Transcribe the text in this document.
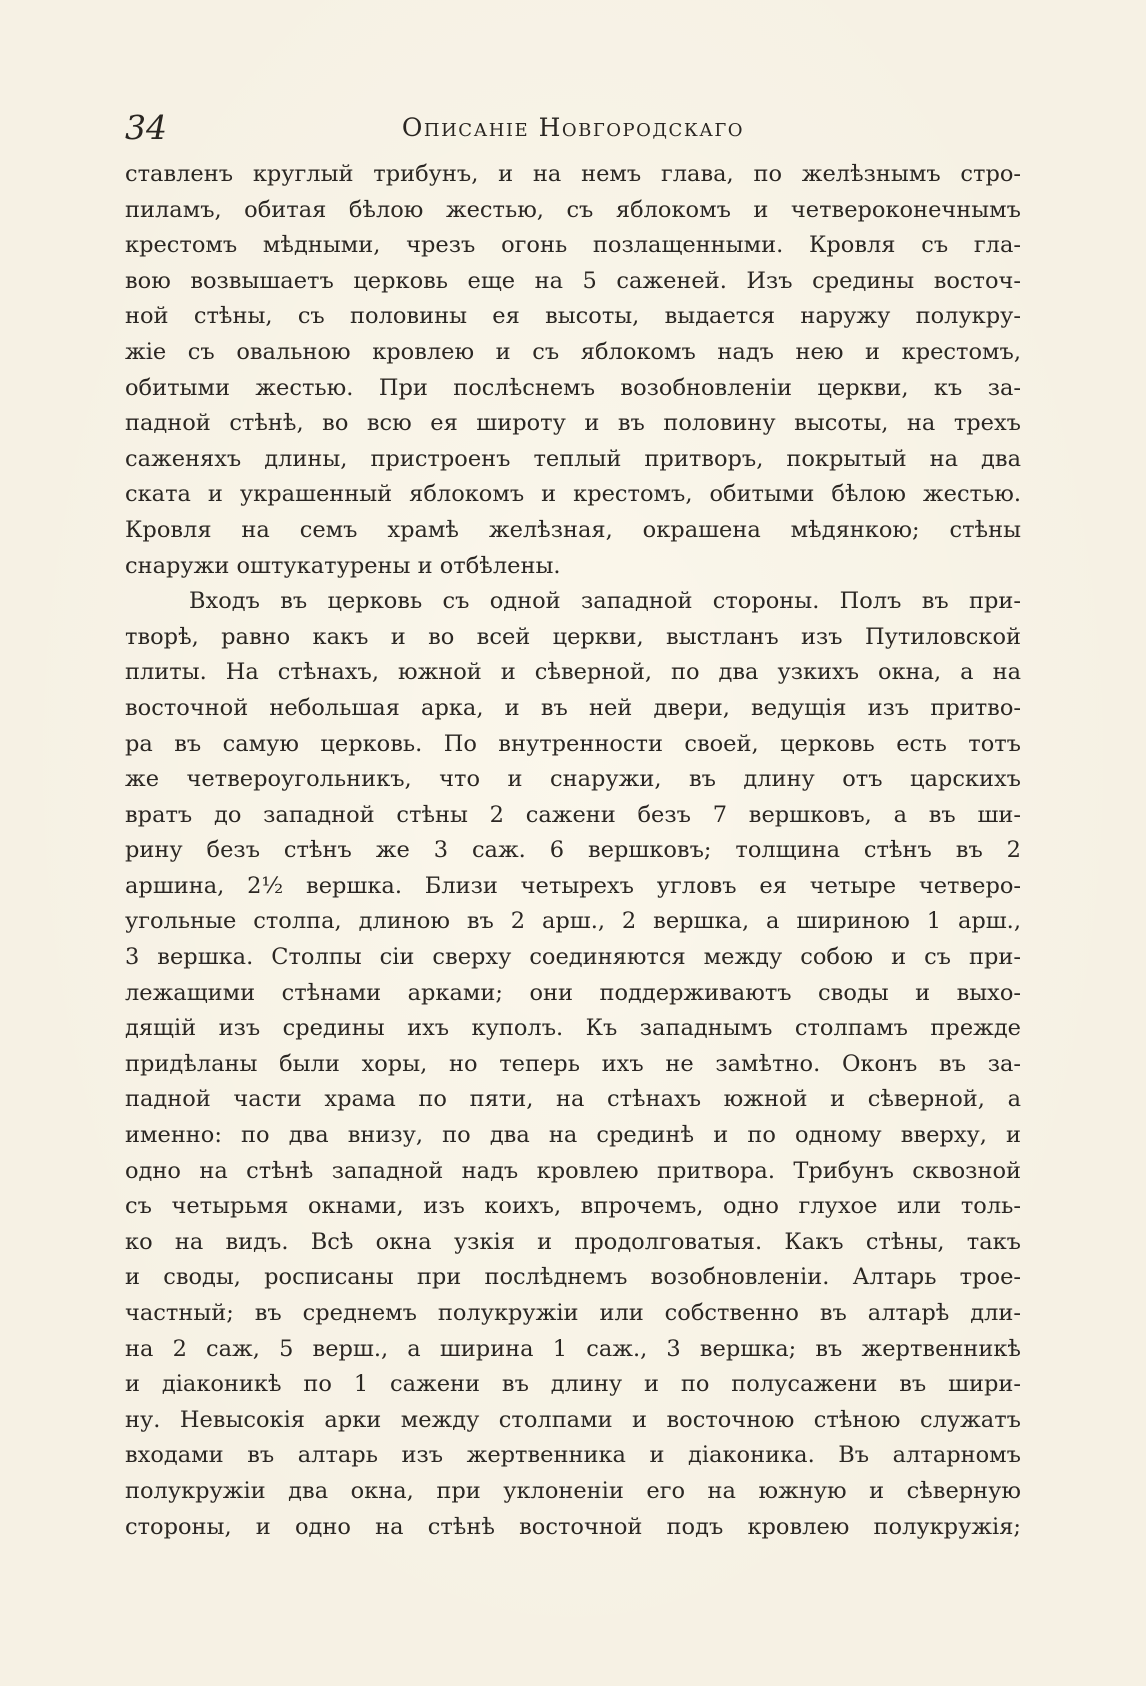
34	Описаніе Новгородскаго
ставленъ круглый трибунъ, и на немъ глава, по желѣзнымъ стро-
пиламъ, обитая бѣлою жестью, съ яблокомъ и четвероконечнымъ
крестомъ мѣдными, чрезъ огонь позлащенными. Кровля съ гла-
вою возвышаетъ церковь еще на 5 саженей. Изъ средины восточ-
ной стѣны, съ половины ея высоты, выдается наружу полукру-
жіе съ овальною кровлею и съ яблокомъ надъ нею и крестомъ,
обитыми жестью. При послѣснемъ возобновленіи церкви, къ за-
падной стѣнѣ, во всю ея широту и въ половину высоты, на трехъ
саженяхъ длины, пристроенъ теплый притворъ, покрытый на два
ската и украшенный яблокомъ и крестомъ, обитыми бѣлою жестью.
Кровля на семъ храмѣ желѣзная, окрашена мѣдянкою; стѣны
снаружи оштукатурены и отбѣлены.
Входъ въ церковь съ одной западной стороны. Полъ въ при-
творѣ, равно какъ и во всей церкви, выстланъ изъ Путиловской
плиты. На стѣнахъ, южной и сѣверной, по два узкихъ окна, а на
восточной небольшая арка, и въ ней двери, ведущія изъ притво-
ра въ самую церковь. По внутренности своей, церковь есть тотъ
же четвероугольникъ, что и снаружи, въ длину отъ царскихъ
вратъ до западной стѣны 2 сажени безъ 7 вершковъ, а въ ши-
рину безъ стѣнъ же 3 саж. 6 вершковъ; толщина стѣнъ въ 2
аршина, 2½ вершка. Близи четырехъ угловъ ея четыре четверо-
угольные столпа, длиною въ 2 арш., 2 вершка, а шириною 1 арш.,
3 вершка. Столпы сіи сверху соединяются между собою и съ при-
лежащими стѣнами арками; они поддерживаютъ своды и выхо-
дящій изъ средины ихъ куполъ. Къ западнымъ столпамъ прежде
придѣланы были хоры, но теперь ихъ не замѣтно. Оконъ въ за-
падной части храма по пяти, на стѣнахъ южной и сѣверной, а
именно: по два внизу, по два на срединѣ и по одному вверху, и
одно на стѣнѣ западной надъ кровлею притвора. Трибунъ сквозной
съ четырьмя окнами, изъ коихъ, впрочемъ, одно глухое или толь-
ко на видъ. Всѣ окна узкія и продолговатыя. Какъ стѣны, такъ
и своды, росписаны при послѣднемъ возобновленіи. Алтарь трое-
частный; въ среднемъ полукружіи или собственно въ алтарѣ дли-
на 2 саж, 5 верш., а ширина 1 саж., 3 вершка; въ жертвенникѣ
и діаконикѣ по 1 сажени въ длину и по полусажени въ шири-
ну. Невысокія арки между столпами и восточною стѣною служатъ
входами въ алтарь изъ жертвенника и діаконика. Въ алтарномъ
полукружіи два окна, при уклоненіи его на южную и сѣверную
стороны, и одно на стѣнѣ восточной подъ кровлею полукружія;
